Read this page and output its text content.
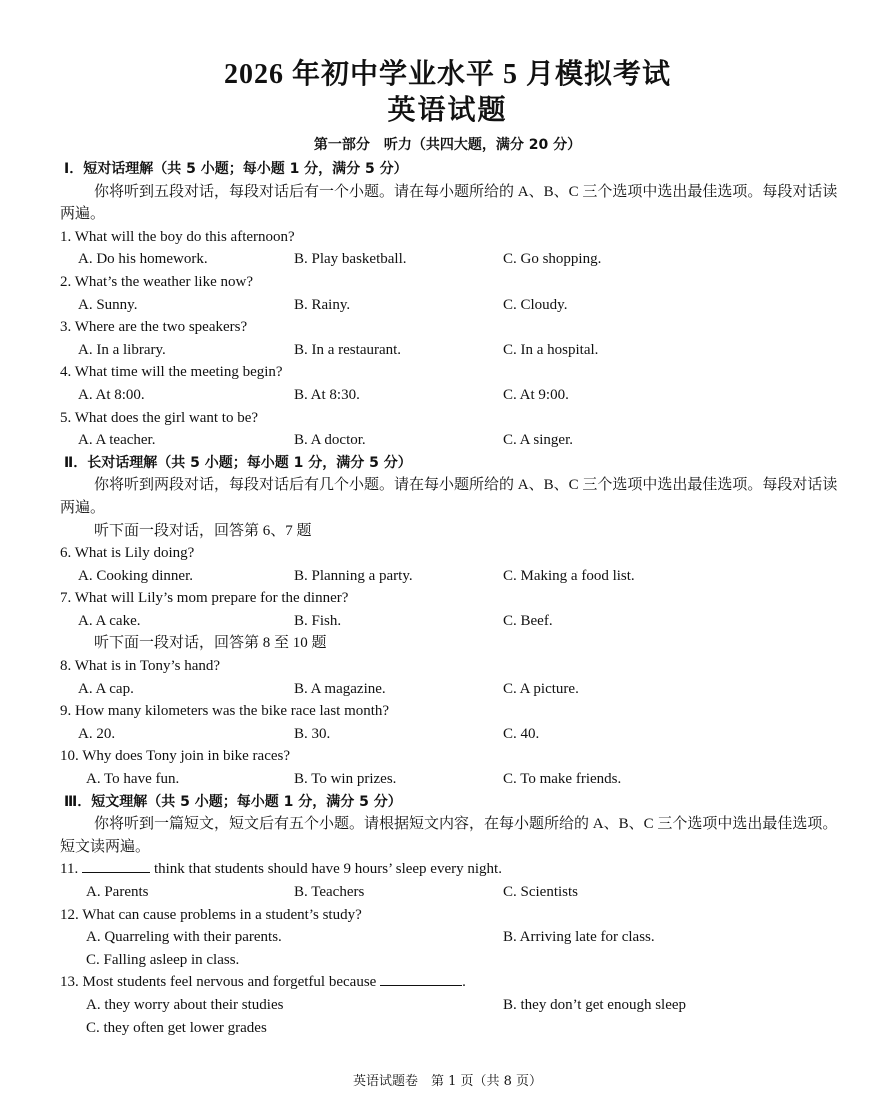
2026 年初中学业水平 5 月模拟考试
英语试题
第一部分　听力（共四大题，满分 20 分）
Ⅰ．短对话理解（共 5 小题；每小题 1 分，满分 5 分）
你将听到五段对话，每段对话后有一个小题。请在每小题所给的 A、B、C 三个选项中选出最佳选项。每段对话读两遍。
1. What will the boy do this afternoon?
A. Do his homework.	B. Play basketball.	C. Go shopping.
2. What’s the weather like now?
A. Sunny.	B. Rainy.	C. Cloudy.
3. Where are the two speakers?
A. In a library.	B. In a restaurant.	C. In a hospital.
4. What time will the meeting begin?
A. At 8:00.	B. At 8:30.	C. At 9:00.
5. What does the girl want to be?
A. A teacher.	B. A doctor.	C. A singer.
Ⅱ．长对话理解（共 5 小题；每小题 1 分，满分 5 分）
你将听到两段对话，每段对话后有几个小题。请在每小题所给的 A、B、C 三个选项中选出最佳选项。每段对话读两遍。
听下面一段对话，回答第 6、7 题
6. What is Lily doing?
A. Cooking dinner.	B. Planning a party.	C. Making a food list.
7. What will Lily’s mom prepare for the dinner?
A. A cake.	B. Fish.	C. Beef.
听下面一段对话，回答第 8 至 10 题
8. What is in Tony’s hand?
A. A cap.	B. A magazine.	C. A picture.
9. How many kilometers was the bike race last month?
A. 20.	B. 30.	C. 40.
10. Why does Tony join in bike races?
A. To have fun.	B. To win prizes.	C. To make friends.
Ⅲ．短文理解（共 5 小题；每小题 1 分，满分 5 分）
你将听到一篇短文，短文后有五个小题。请根据短文内容，在每小题所给的 A、B、C 三个选项中选出最佳选项。短文读两遍。
11.	think that students should have 9 hours’ sleep every night.
A. Parents	B. Teachers	C. Scientists
12. What can cause problems in a student’s study?
A. Quarreling with their parents.	B. Arriving late for class.
C. Falling asleep in class.
13. Most students feel nervous and forgetful because	.
A. they worry about their studies	B. they don’t get enough sleep
C. they often get lower grades
英语试题卷　第 1 页（共 8 页）
